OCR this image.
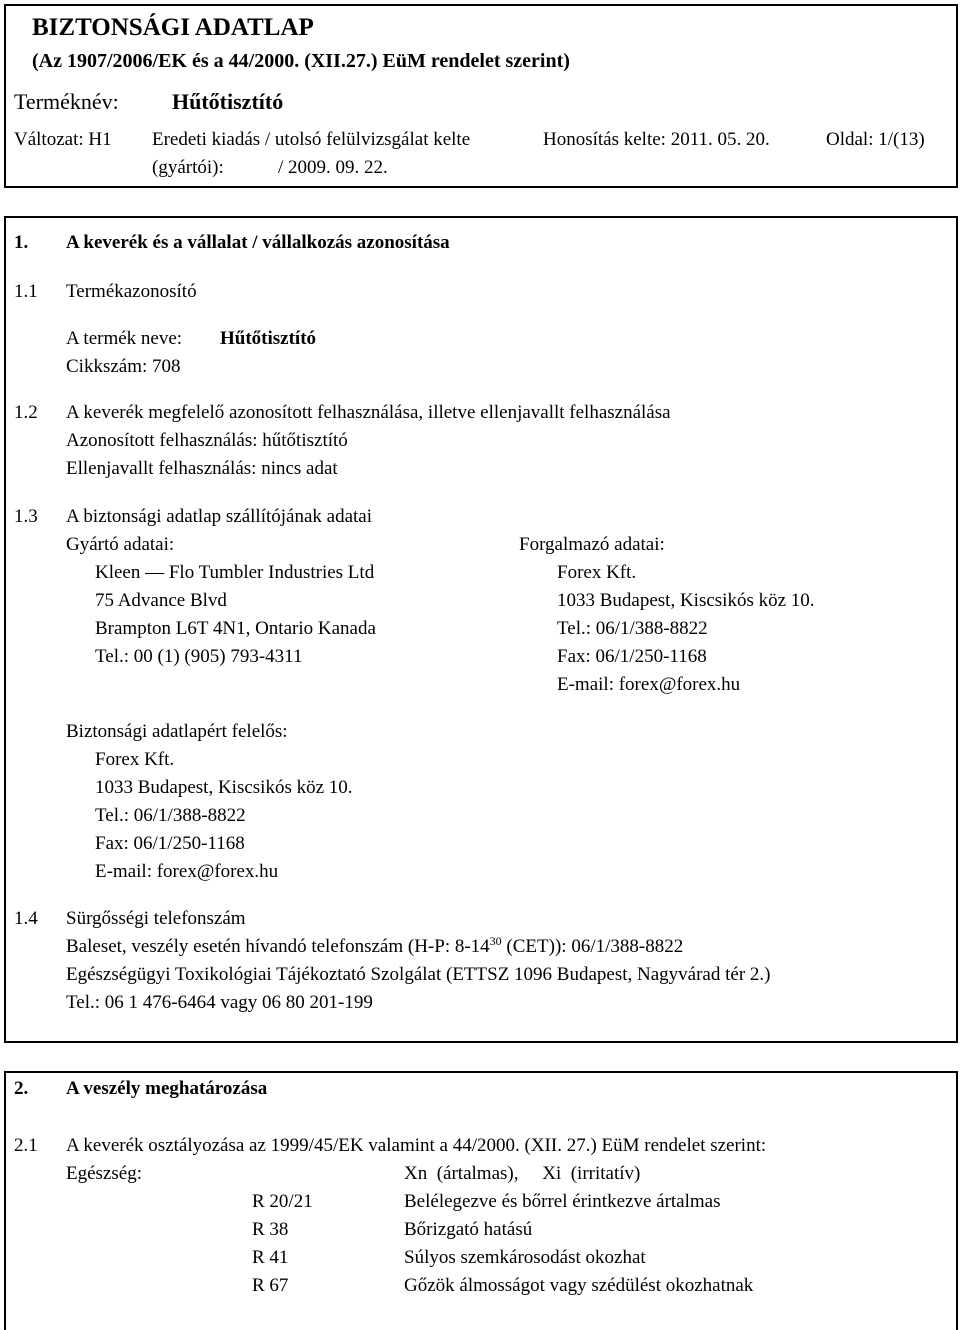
BIZTONSÁGI ADATLAP
(Az 1907/2006/EK és a 44/2000. (XII.27.) EüM rendelet szerint)
Terméknév: Hűtőtisztító
Változat: H1 Eredeti kiadás / utolsó felülvizsgálat kelte
(gyártói):	/ 2009. 09. 22.
Honosítás kelte: 2011. 05. 20.	Oldal: 1/(13)
1. A keverék és a vállalat / vállalkozás azonosítása
1.1 Termékazonosító
A termék neve: Hűtőtisztító
Cikkszám: 708
1.2 A keverék megfelelő azonosított felhasználása, illetve ellenjavallt felhasználása
Azonosított felhasználás: hűtőtisztító
Ellenjavallt felhasználás: nincs adat
1.3 A biztonsági adatlap szállítójának adatai
Gyártó adatai:
Kleen — Flo Tumbler Industries Ltd
75 Advance Blvd
Brampton L6T 4N1, Ontario Kanada
Tel.: 00 (1) (905) 793-4311
Forgalmazó adatai:
Forex Kft.
1033 Budapest, Kiscsikós köz 10.
Tel.: 06/1/388-8822
Fax: 06/1/250-1168
E-mail: forex@forex.hu
Biztonsági adatlapért felelős:
Forex Kft.
1033 Budapest, Kiscsikós köz 10.
Tel.: 06/1/388-8822
Fax: 06/1/250-1168
E-mail: forex@forex.hu
1.4 Sürgősségi telefonszám
Baleset, veszély esetén hívandó telefonszám (H-P: $8-14^{30}$ (CET)): 06/1/388-8822
Egészségügyi Toxikológiai Tájékoztató Szolgálat (ETTSZ 1096 Budapest, Nagyvárad tér 2.)
Tel.: 06 1 476-6464 vagy 06 80 201-199
2. A veszély meghatározása
2.1 A keverék osztályozása az 1999/45/EK valamint a 44/2000. (XII. 27.) EüM rendelet szerint:
Egészség:	Xn  (ártalmas),     Xi  (irritatív)
R 20/21	Belélegezve és bőrrel érintkezve ártalmas
R 38	Bőrizgató hatású
R 41	Súlyos szemkárosodást okozhat
R 67	Gőzök álmosságot vagy szédülést okozhatnak
